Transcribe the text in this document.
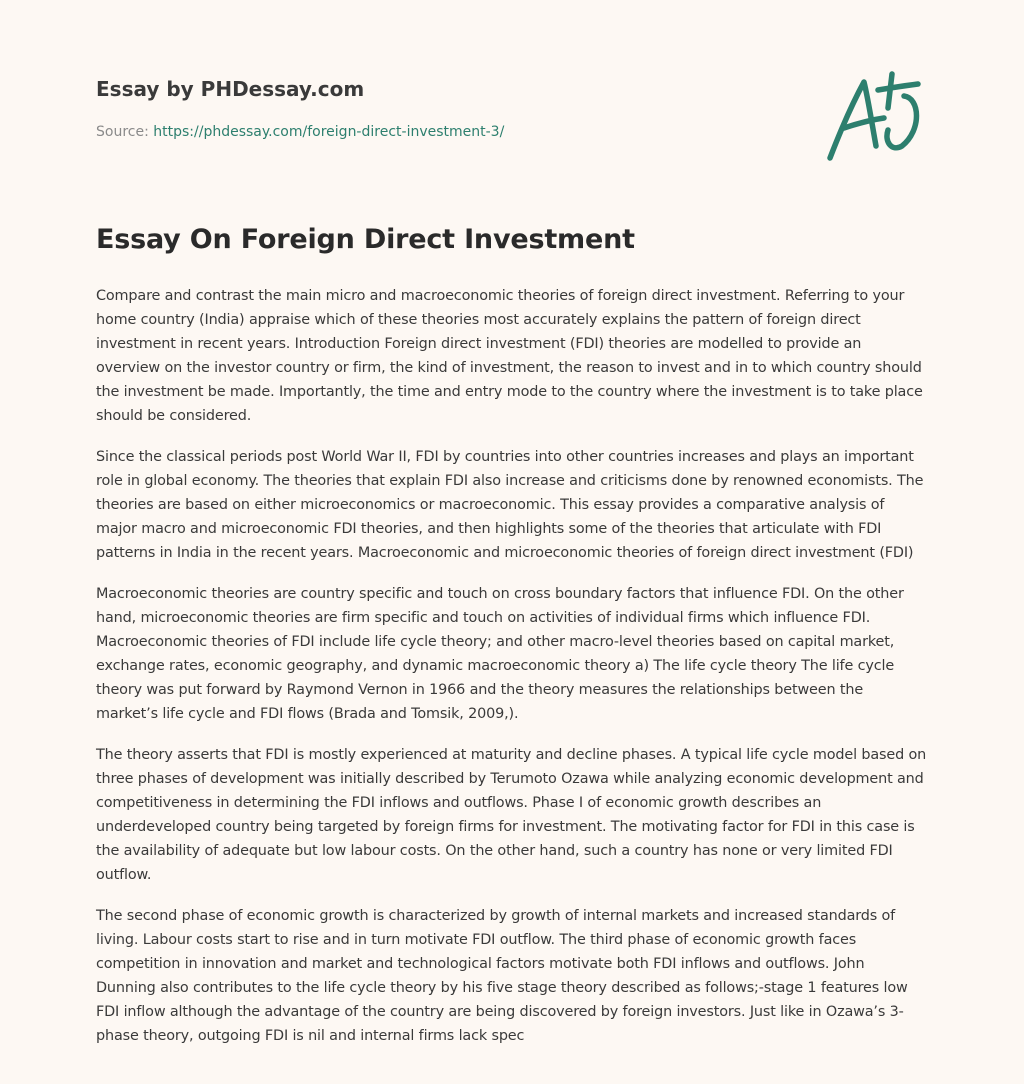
Essay by PHDessay.com
Source: https://phdessay.com/foreign-direct-investment-3/
Essay On Foreign Direct Investment

Compare and contrast the main micro and macroeconomic theories of foreign direct investment. Referring to your home country (India) appraise which of these theories most accurately explains the pattern of foreign direct investment in recent years. Introduction Foreign direct investment (FDI) theories are modelled to provide an overview on the investor country or firm, the kind of investment, the reason to invest and in to which country should the investment be made. Importantly, the time and entry mode to the country where the investment is to take place should be considered.

Since the classical periods post World War II, FDI by countries into other countries increases and plays an important role in global economy. The theories that explain FDI also increase and criticisms done by renowned economists. The theories are based on either microeconomics or macroeconomic. This essay provides a comparative analysis of major macro and microeconomic FDI theories, and then highlights some of the theories that articulate with FDI patterns in India in the recent years. Macroeconomic and microeconomic theories of foreign direct investment (FDI)

Macroeconomic theories are country specific and touch on cross boundary factors that influence FDI. On the other hand, microeconomic theories are firm specific and touch on activities of individual firms which influence FDI. Macroeconomic theories of FDI include life cycle theory; and other macro-level theories based on capital market, exchange rates, economic geography, and dynamic macroeconomic theory a) The life cycle theory The life cycle theory was put forward by Raymond Vernon in 1966 and the theory measures the relationships between the market’s life cycle and FDI flows (Brada and Tomsik, 2009,).

The theory asserts that FDI is mostly experienced at maturity and decline phases. A typical life cycle model based on three phases of development was initially described by Terumoto Ozawa while analyzing economic development and competitiveness in determining the FDI inflows and outflows. Phase I of economic growth describes an underdeveloped country being targeted by foreign firms for investment. The motivating factor for FDI in this case is the availability of adequate but low labour costs. On the other hand, such a country has none or very limited FDI outflow.

The second phase of economic growth is characterized by growth of internal markets and increased standards of living. Labour costs start to rise and in turn motivate FDI outflow. The third phase of economic growth faces competition in innovation and market and technological factors motivate both FDI inflows and outflows. John Dunning also contributes to the life cycle theory by his five stage theory described as follows;-stage 1 features low FDI inflow although the advantage of the country are being discovered by foreign investors. Just like in Ozawa’s 3-phase theory, outgoing FDI is nil and internal firms lack spec
